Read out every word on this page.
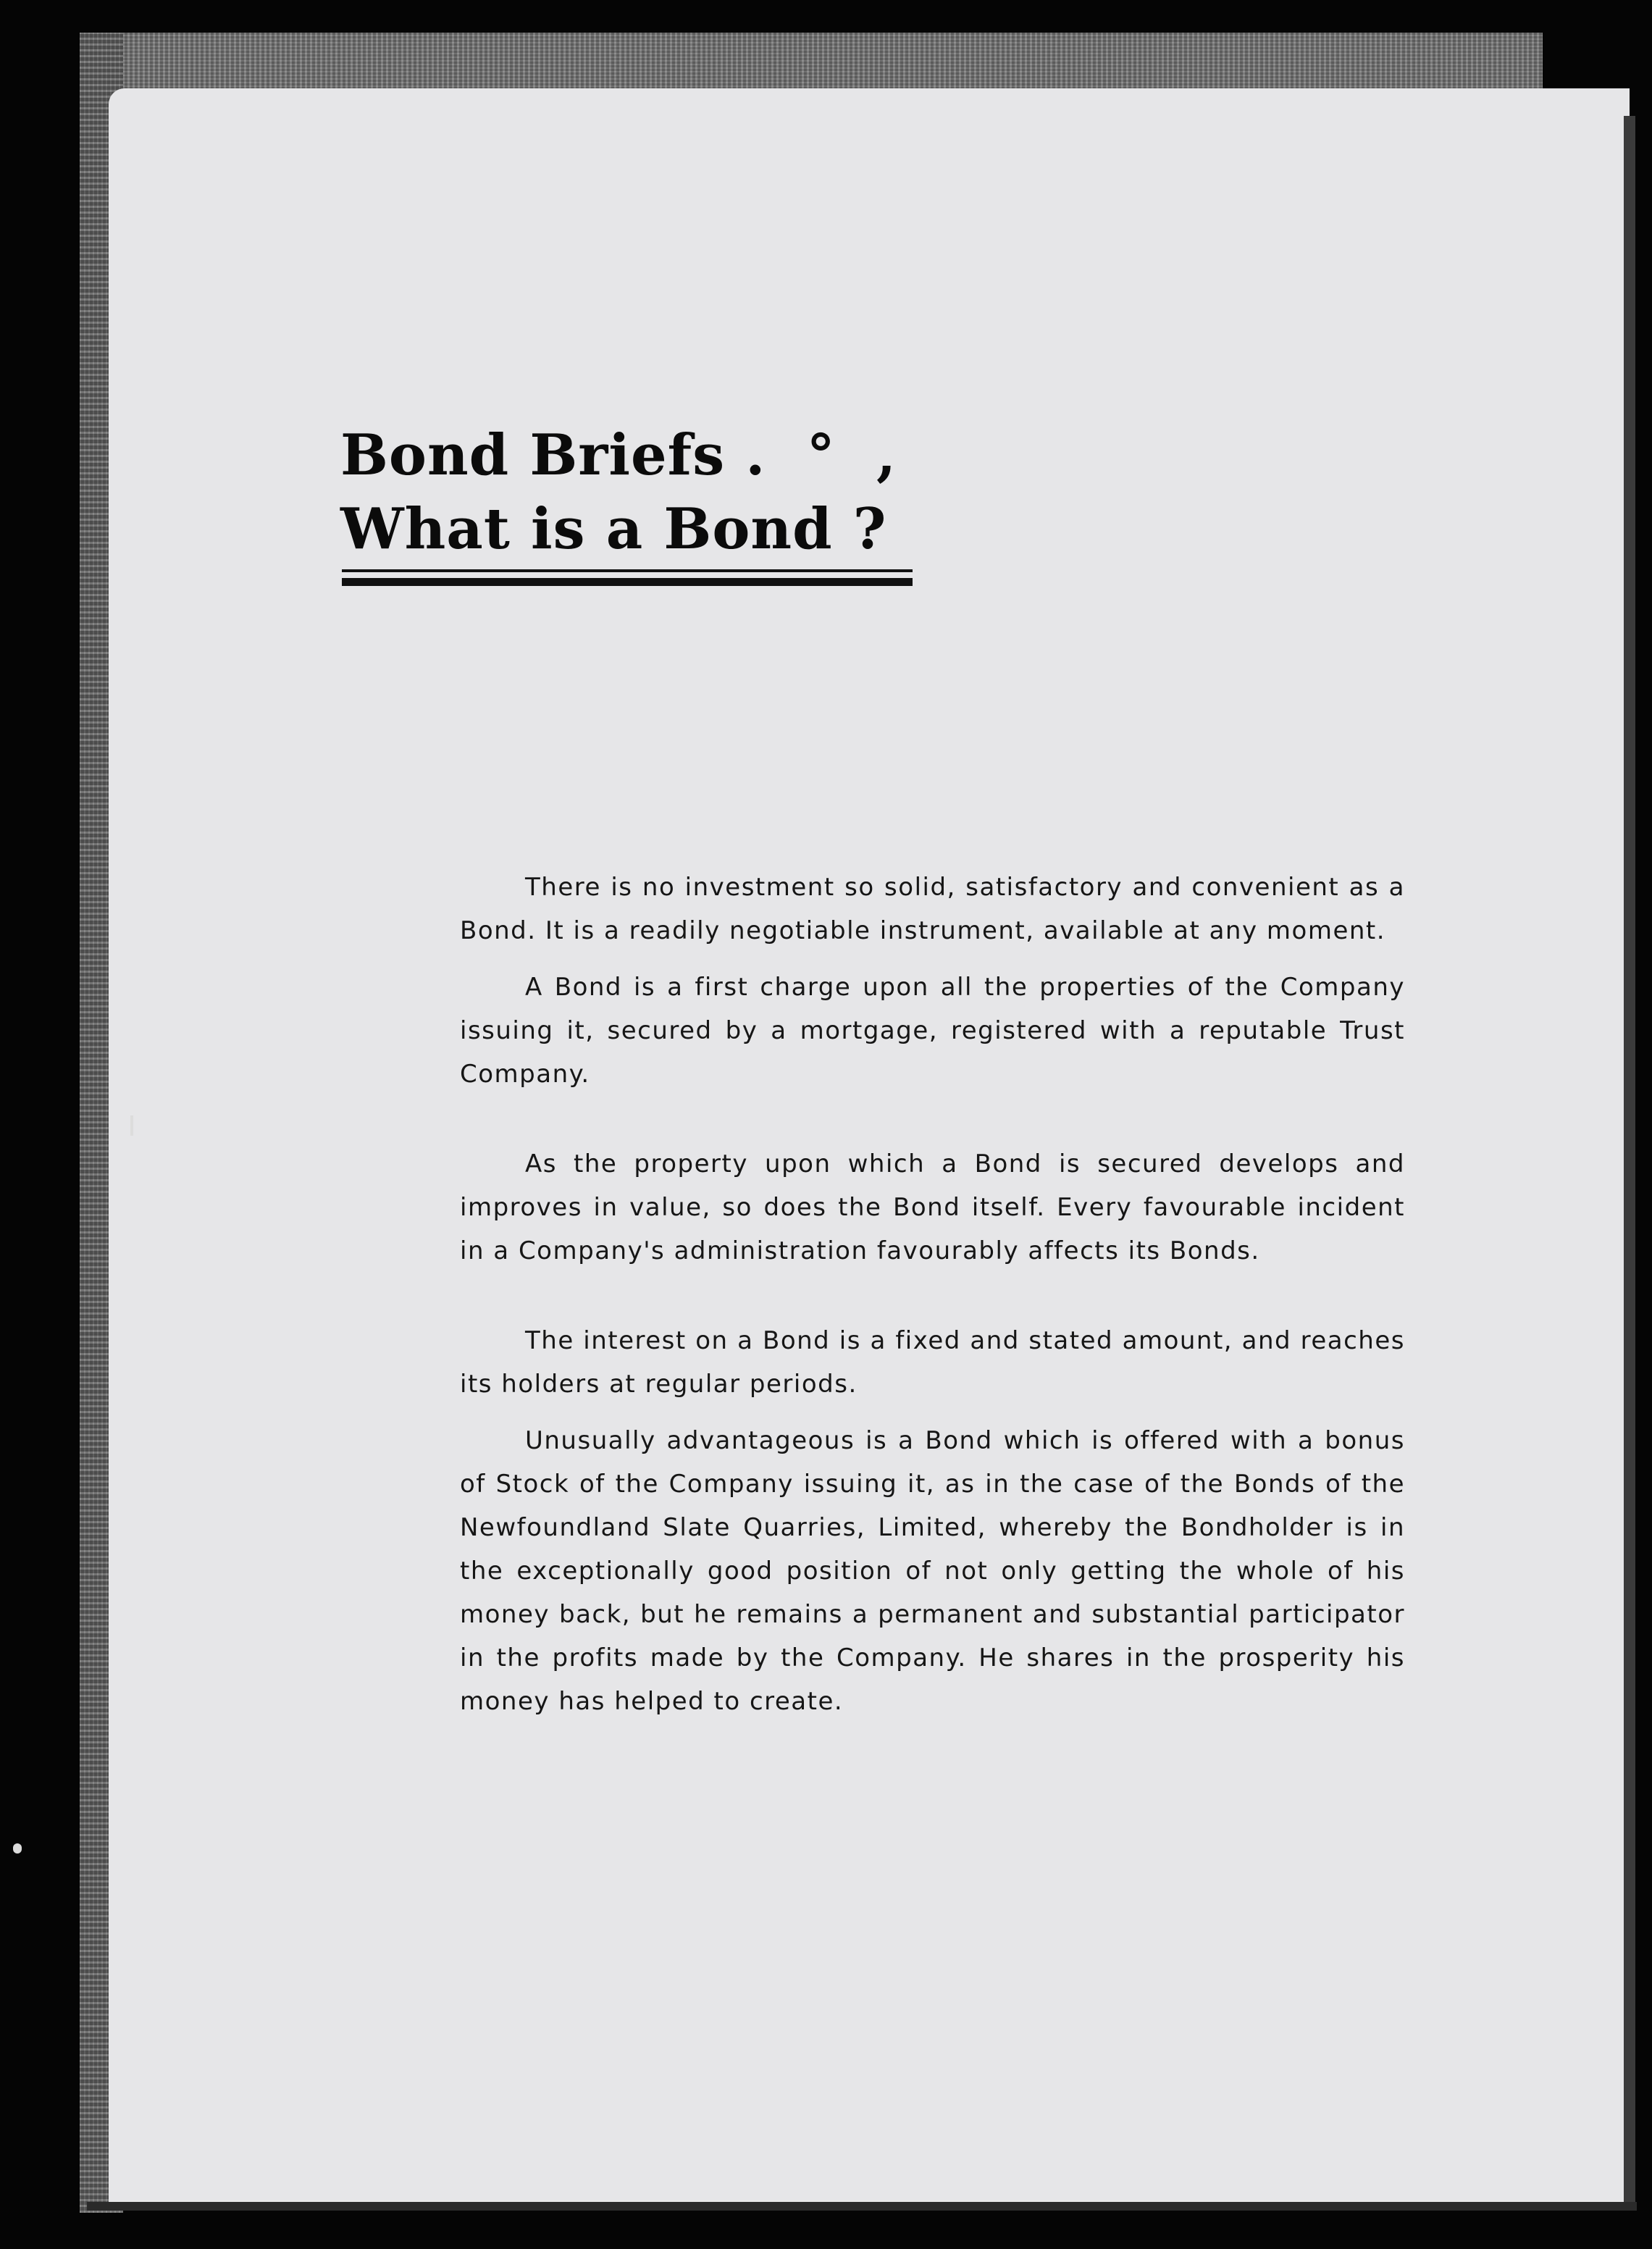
Bond Briefs .  °  ,
What is a Bond ?

There is no investment so solid, satisfactory and convenient as a Bond. It is a readily negotiable instrument, available at any moment.

A Bond is a first charge upon all the properties of the Company issuing it, secured by a mortgage, registered with a reputable Trust Company.

As the property upon which a Bond is secured develops and improves in value, so does the Bond itself. Every favourable incident in a Company's administration favourably affects its Bonds.

The interest on a Bond is a fixed and stated amount, and reaches its holders at regular periods.

Unusually advantageous is a Bond which is offered with a bonus of Stock of the Company issuing it, as in the case of the Bonds of the Newfoundland Slate Quarries, Limited, whereby the Bondholder is in the exceptionally good position of not only getting the whole of his money back, but he remains a permanent and substantial participator in the profits made by the Company. He shares in the prosperity his money has helped to create.
